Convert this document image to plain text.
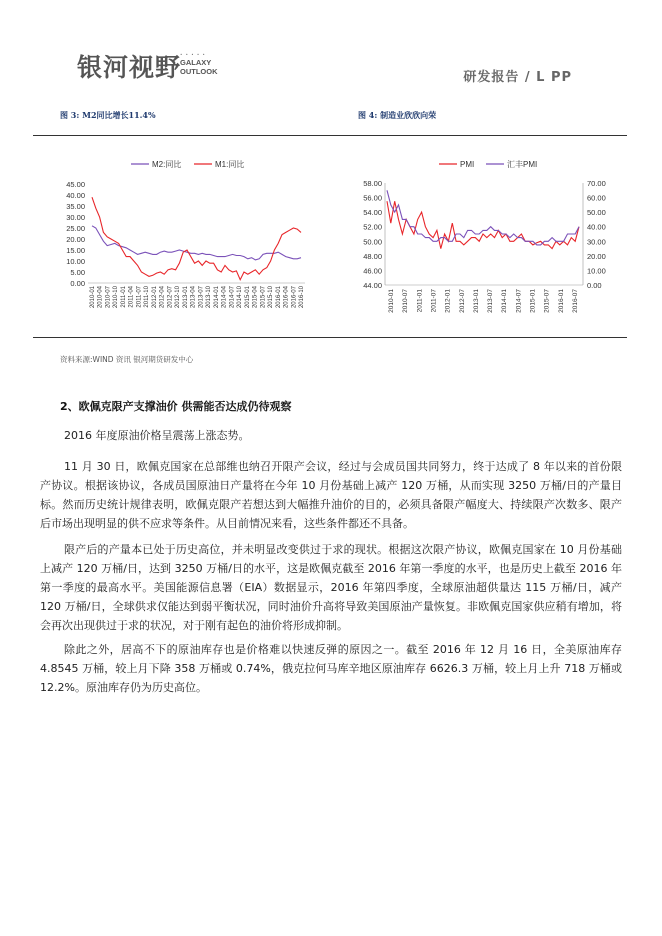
银河视野
• • • • •
GALAXY
OUTLOOK	研发报告 / L PP
图 3: M2同比增长11.4%	图 4: 制造业欣欣向荣
M2:同比	M1:同比
0.00
5.00
10.00
15.00
20.00
25.00
30.00
35.00
40.00
45.00
2010-01 2010-04 2010-07 2010-10 2011-01 2011-04 2011-07 2011-10 2012-01 2012-04 2012-07 2012-10 2013-01 2013-04 2013-07 2013-10 2014-01 2014-04 2014-07 2014-10 2015-01 2015-04 2015-07 2015-10 2016-01 2016-04 2016-07 2016-10
PMI	汇丰PMI
44.00
46.00
48.00
50.00
52.00
54.00
56.00
58.00
0.00
10.00
20.00
30.00
40.00
50.00
60.00
70.00
2010-01 2010-07 2011-01 2011-07 2012-01 2012-07 2013-01 2013-07 2014-01 2014-07 2015-01 2015-07 2016-01 2016-07
资料来源:WIND 资讯 银河期货研发中心
2、欧佩克限产支撑油价 供需能否达成仍待观察
2016 年度原油价格呈震荡上涨态势。
11 月 30 日，欧佩克国家在总部维也纳召开限产会议，经过与会成员国共同努力，终于达成了 8 年以来的首份限产协议。根据该协议，各成员国原油日产量将在今年 10 月份基础上减产 120 万桶，从而实现 3250 万桶/日的产量目标。然而历史统计规律表明，欧佩克限产若想达到大幅推升油价的目的，必须具备限产幅度大、持续限产次数多、限产后市场出现明显的供不应求等条件。从目前情况来看，这些条件都还不具备。
限产后的产量本已处于历史高位，并未明显改变供过于求的现状。根据这次限产协议，欧佩克国家在 10 月份基础上减产 120 万桶/日，达到 3250 万桶/日的水平，这是欧佩克截至 2016 年第一季度的水平，也是历史上截至 2016 年第一季度的最高水平。美国能源信息署（EIA）数据显示，2016 年第四季度，全球原油超供量达 115 万桶/日，减产 120 万桶/日，全球供求仅能达到弱平衡状况，同时油价升高将导致美国原油产量恢复。非欧佩克国家供应稍有增加，将会再次出现供过于求的状况，对于刚有起色的油价将形成抑制。
除此之外，居高不下的原油库存也是价格难以快速反弹的原因之一。截至 2016 年 12 月 16 日，全美原油库存 4.8545 万桶，较上月下降 358 万桶或 0.74%，俄克拉何马库辛地区原油库存 6626.3 万桶，较上月上升 718 万桶或 12.2%。原油库存仍为历史高位。
